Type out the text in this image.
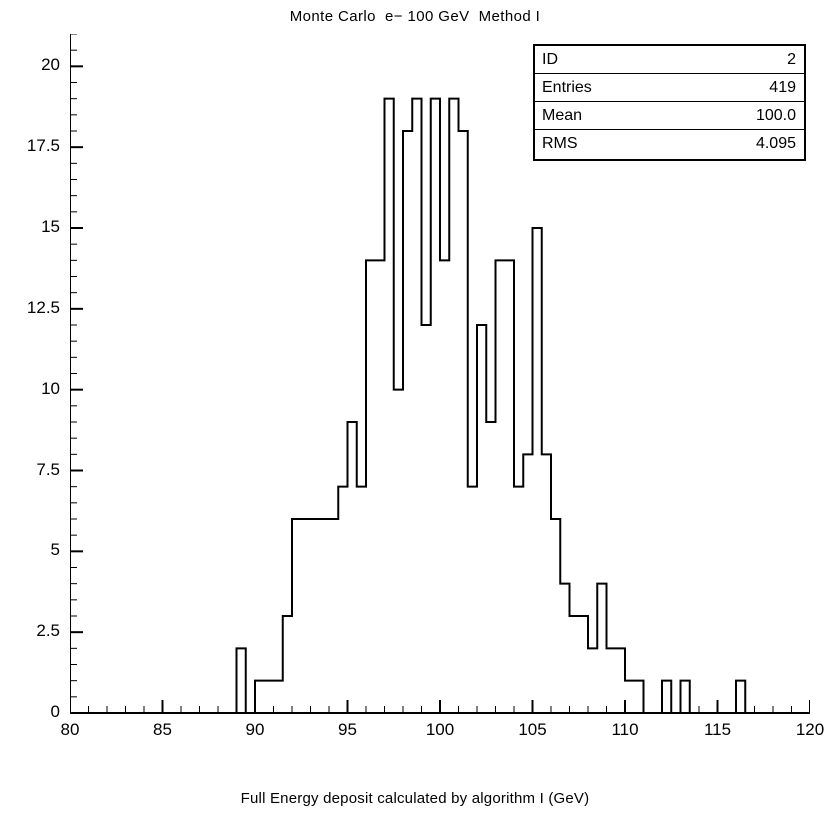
Monte Carlo  e− 100 GeV  Method I
0
2.5
5
7.5
10
12.5
15
17.5
20
80	85	90	95	100	105	110	115	120
ID	2
Entries	419
Mean	100.0
RMS	4.095
Full Energy deposit calculated by algorithm I (GeV)
